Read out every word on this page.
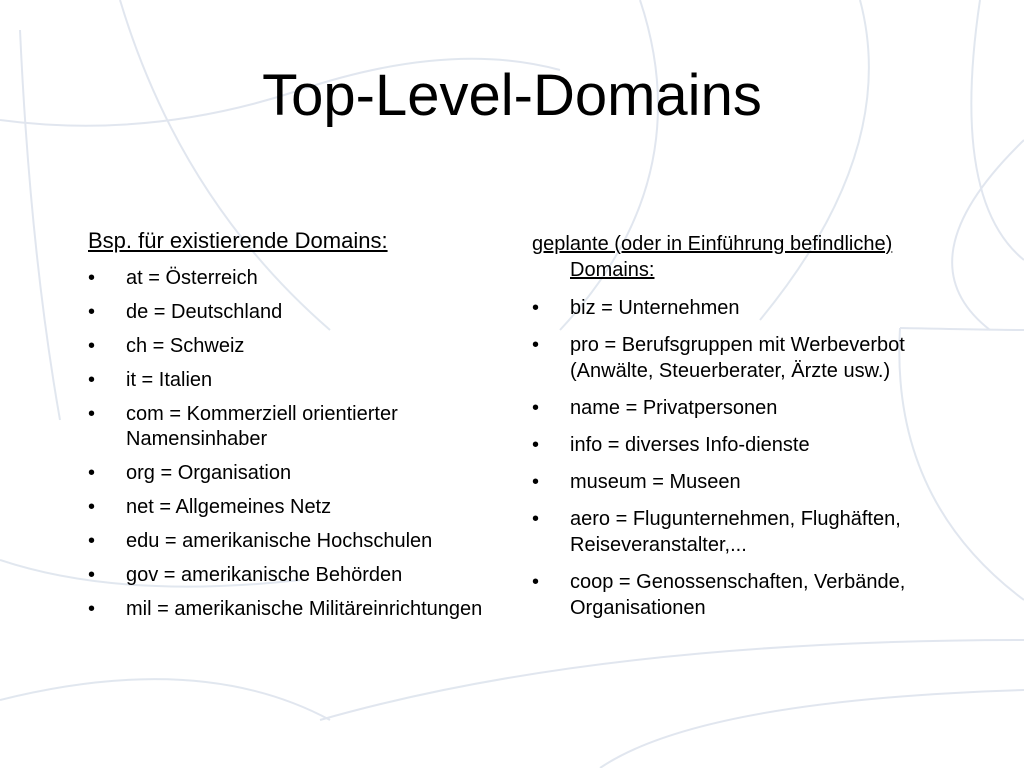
Top-Level-Domains

Bsp. für existierende Domains:

•	at = Österreich
•	de = Deutschland
•	ch = Schweiz
•	it = Italien
•	com = Kommerziell orientierter Namensinhaber
•	org = Organisation
•	net = Allgemeines Netz
•	edu = amerikanische Hochschulen
•	gov = amerikanische Behörden
•	mil = amerikanische Militäreinrichtungen

geplante (oder in Einführung befindliche) Domains:

•	biz = Unternehmen
•	pro = Berufsgruppen mit Werbeverbot (Anwälte, Steuerberater, Ärzte usw.)
•	name = Privatpersonen
•	info = diverses Info-dienste
•	museum = Museen
•	aero = Flugunternehmen, Flughäften, Reiseveranstalter,...
•	coop = Genossenschaften, Verbände, Organisationen
